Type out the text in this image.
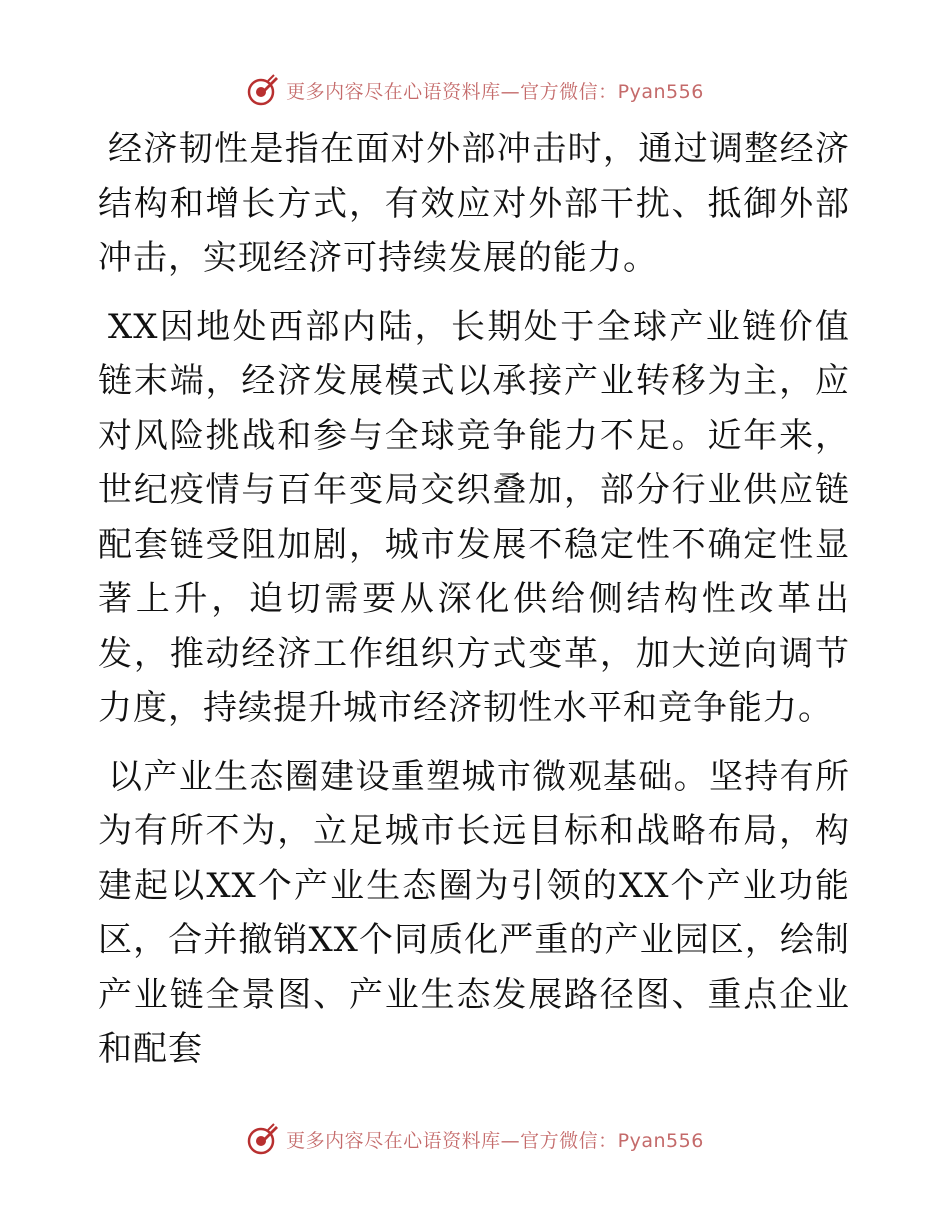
更多内容尽在心语资料库—官方微信：Pyan556

经济韧性是指在面对外部冲击时，通过调整经济结构和增长方式，有效应对外部干扰、抵御外部冲击，实现经济可持续发展的能力。

XX因地处西部内陆，长期处于全球产业链价值链末端，经济发展模式以承接产业转移为主，应对风险挑战和参与全球竞争能力不足。近年来，世纪疫情与百年变局交织叠加，部分行业供应链配套链受阻加剧，城市发展不稳定性不确定性显著上升，迫切需要从深化供给侧结构性改革出发，推动经济工作组织方式变革，加大逆向调节力度，持续提升城市经济韧性水平和竞争能力。

以产业生态圈建设重塑城市微观基础。坚持有所为有所不为，立足城市长远目标和战略布局，构建起以XX个产业生态圈为引领的XX个产业功能区，合并撤销XX个同质化严重的产业园区，绘制产业链全景图、产业生态发展路径图、重点企业和配套

更多内容尽在心语资料库—官方微信：Pyan556
